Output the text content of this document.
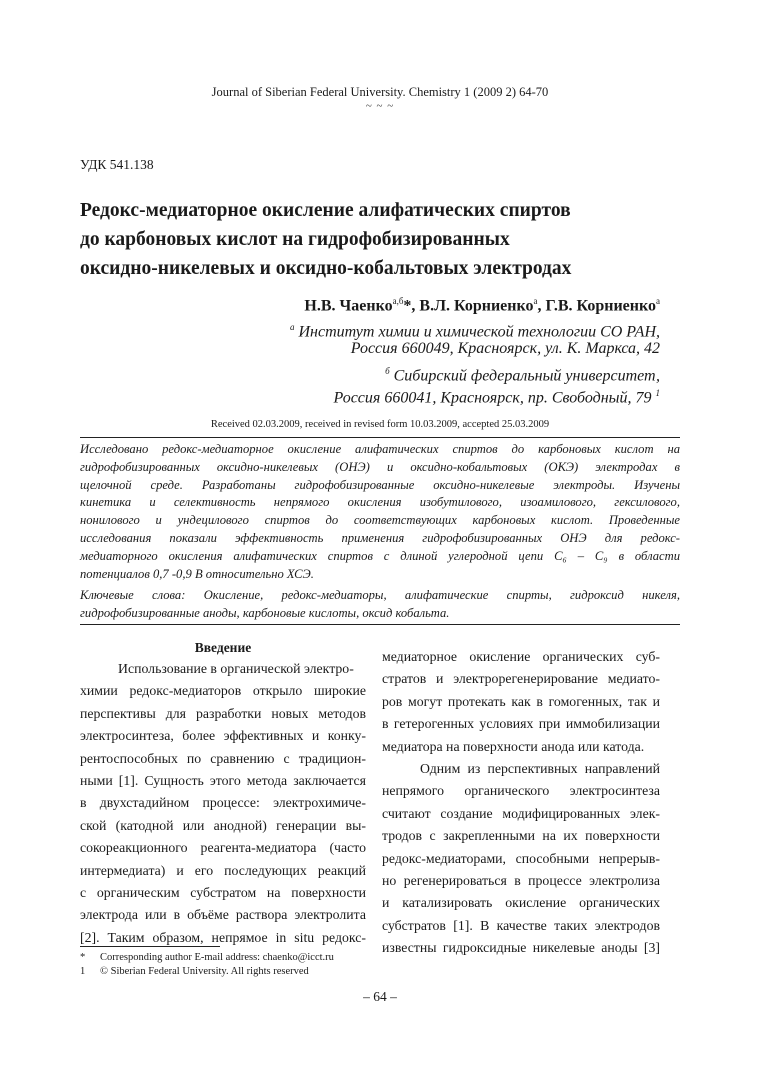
Journal of Siberian Federal University. Chemistry 1 (2009 2) 64-70
~ ~ ~
УДК 541.138
Редокс-медиаторное окисление алифатических спиртов
до карбоновых кислот на гидрофобизированных
оксидно-никелевых и оксидно-кобальтовых электродах
Н.В. Чаенко$^{а,б}$*, В.Л. Корниенко$^а$, Г.В. Корниенко$^а$
$^а$ Институт химии и химической технологии СО РАН,
Россия 660049, Красноярск, ул. К. Маркса, 42
$^б$ Сибирский федеральный университет,
Россия 660041, Красноярск, пр. Свободный, 79 $^1$
Received 02.03.2009, received in revised form 10.03.2009, accepted 25.03.2009
Исследовано редокс-медиаторное окисление алифатических спиртов до карбоновых кислот на
гидрофобизированных оксидно-никелевых (ОНЭ) и оксидно-кобальтовых (ОКЭ) электродах в
щелочной среде. Разработаны гидрофобизированные оксидно-никелевые электроды. Изучены
кинетика и селективность непрямого окисления изобутилового, изоамилового, гексилового,
нонилового и ундецилового спиртов до соответствующих карбоновых кислот. Проведенные
исследования показали эффективность применения гидрофобизированных ОНЭ для редокс-
медиаторного окисления алифатических спиртов с длиной углеродной цепи С₆ – С₉ в области
потенциалов 0,7 -0,9 В относительно ХСЭ.
Ключевые слова: Окисление, редокс-медиаторы, алифатические спирты, гидроксид никеля,
гидрофобизированные аноды, карбоновые кислоты, оксид кобальта.
Введение
Использование в органической электро-
химии редокс-медиаторов открыло широкие
перспективы для разработки новых методов
электросинтеза, более эффективных и конку-
рентоспособных по сравнению с традицион-
ными [1]. Сущность этого метода заключается
в двухстадийном процессе: электрохимиче-
ской (катодной или анодной) генерации вы-
сокореакционного реагента-медиатора (часто
интермедиата) и его последующих реакций
с органическим субстратом на поверхности
электрода или в объёме раствора электролита
[2]. Таким образом, непрямое in situ редокс-
медиаторное окисление органических суб-
стратов и электрорегенерирование медиато-
ров могут протекать как в гомогенных, так и
в гетерогенных условиях при иммобилизации
медиатора на поверхности анода или катода.
Одним из перспективных направлений
непрямого органического электросинтеза
считают создание модифицированных элек-
тродов с закрепленными на их поверхности
редокс-медиаторами, способными непрерыв-
но регенерироваться в процессе электролиза
и катализировать окисление органических
субстратов [1]. В качестве таких электродов
известны гидроксидные никелевые аноды [3]
* Corresponding author E-mail address: chaenko@icct.ru
1 © Siberian Federal University. All rights reserved
– 64 –
